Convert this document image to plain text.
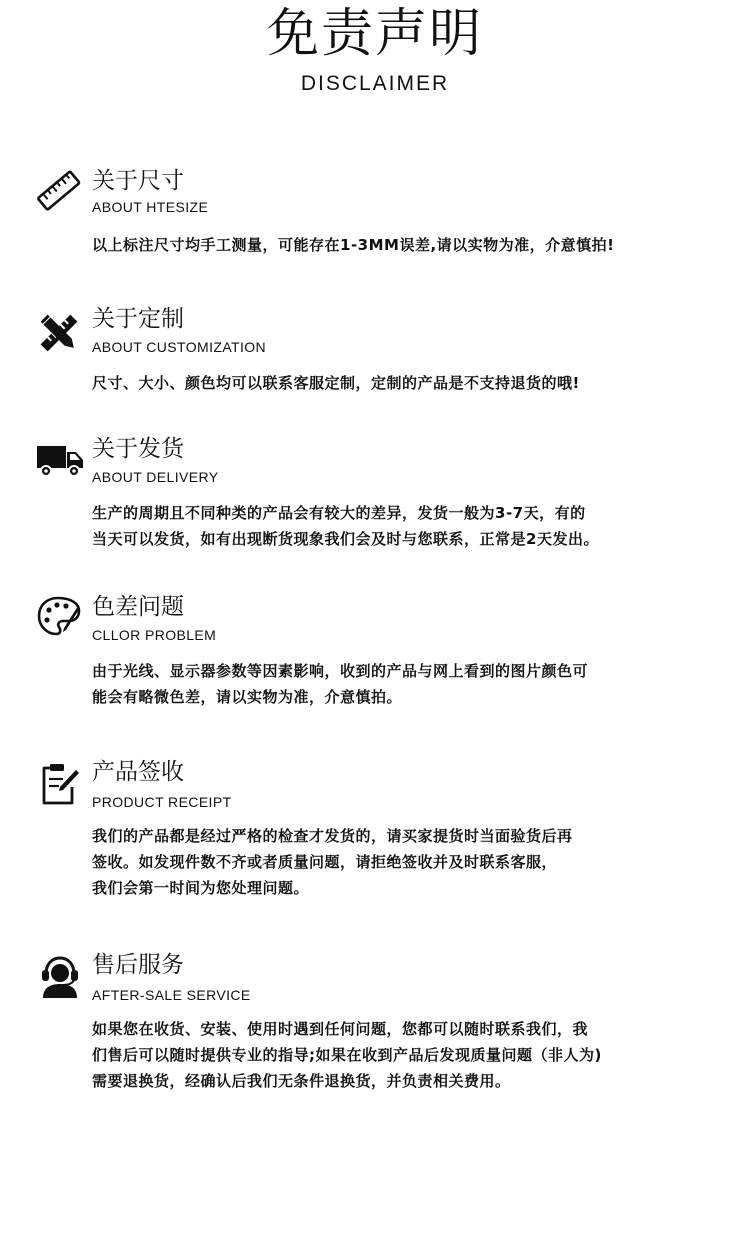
免责声明
DISCLAIMER
关于尺寸
ABOUT HTESIZE
以上标注尺寸均手工测量，可能存在1-3MM误差,请以实物为准，介意慎拍!
关于定制
ABOUT CUSTOMIZATION
尺寸、大小、颜色均可以联系客服定制，定制的产品是不支持退货的哦!
关于发货
ABOUT DELIVERY
生产的周期且不同种类的产品会有较大的差异，发货一般为3-7天，有的
当天可以发货，如有出现断货现象我们会及时与您联系，正常是2天发出。
色差问题
CLLOR PROBLEM
由于光线、显示器参数等因素影响，收到的产品与网上看到的图片颜色可
能会有略微色差，请以实物为准，介意慎拍。
产品签收
PRODUCT RECEIPT
我们的产品都是经过严格的检查才发货的，请买家提货时当面验货后再
签收。如发现件数不齐或者质量问题，请拒绝签收并及时联系客服，
我们会第一时间为您处理问题。
售后服务
AFTER-SALE SERVICE
如果您在收货、安装、使用时遇到任何问题，您都可以随时联系我们，我
们售后可以随时提供专业的指导;如果在收到产品后发现质量问题（非人为)
需要退换货，经确认后我们无条件退换货，并负责相关费用。
